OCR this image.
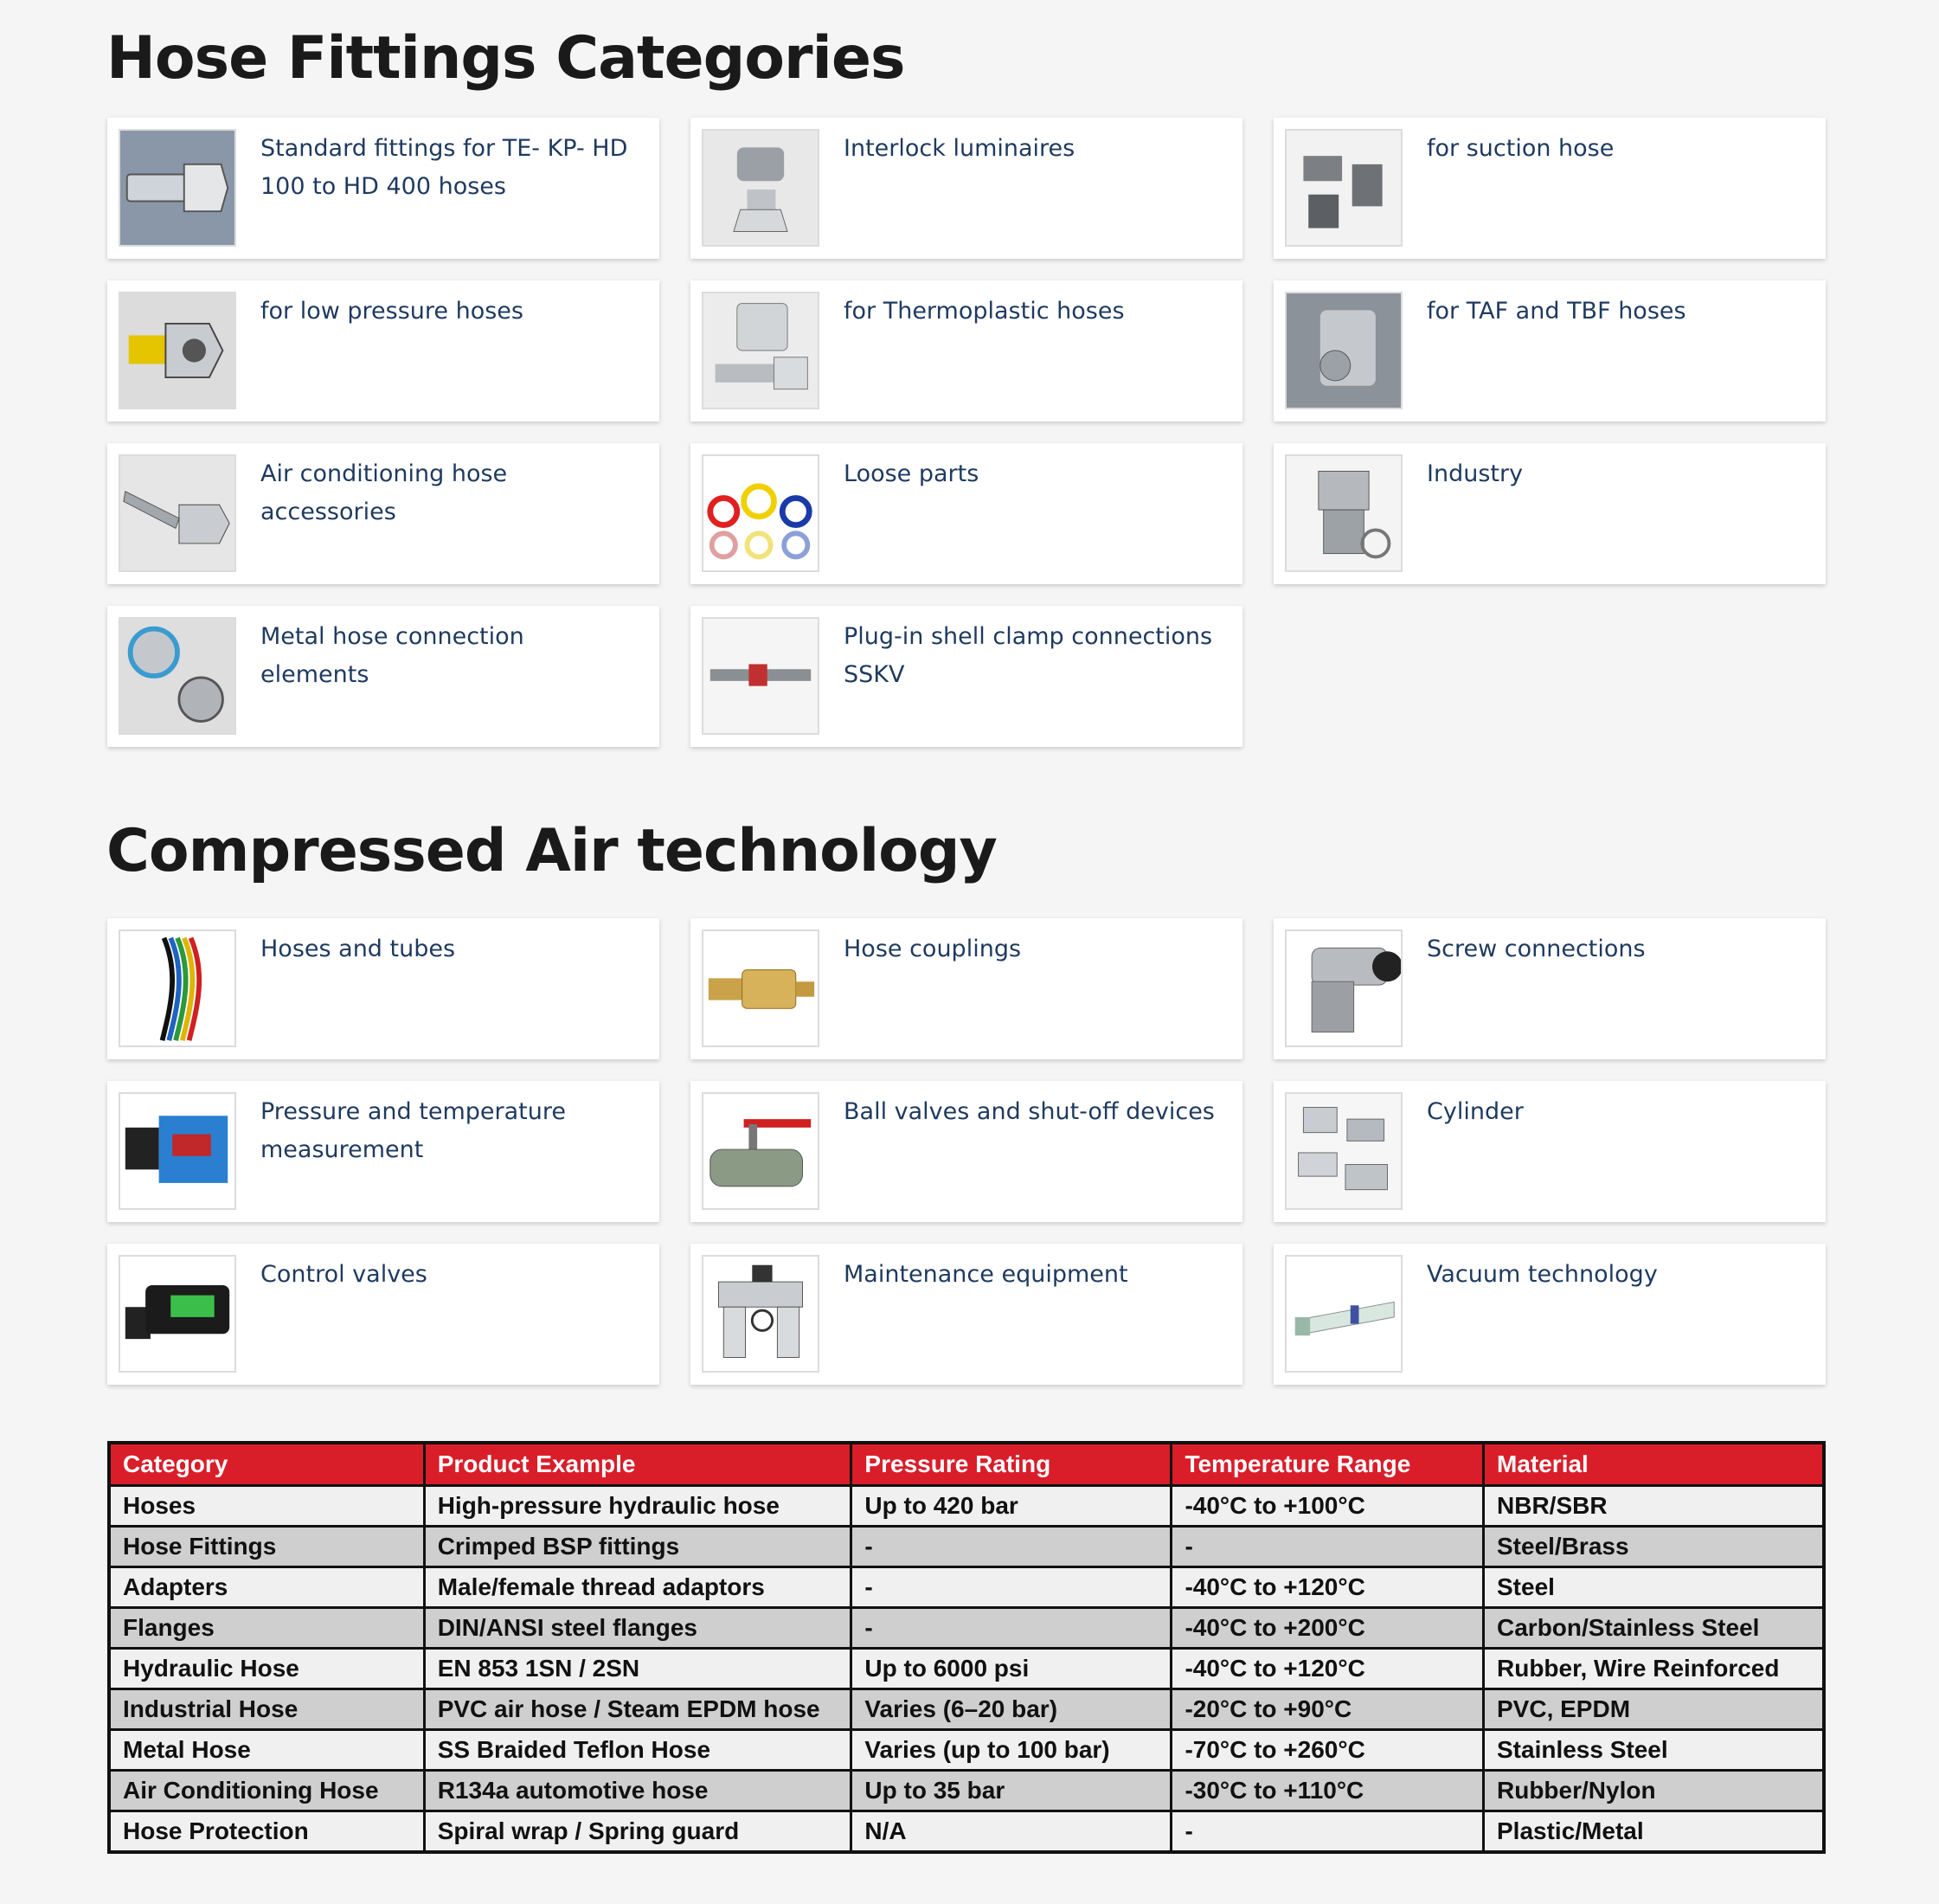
Hose Fittings Categories
Standard fittings for TE- KP- HD 100 to HD 400 hoses
Interlock luminaires	for suction hose
for low pressure hoses	for Thermoplastic hoses	for TAF and TBF hoses
Air conditioning hose accessories
Loose parts	Industry
Metal hose connection elements
Plug-in shell clamp connections SSKV
Compressed Air technology
Hoses and tubes	Hose couplings	Screw connections
Pressure and temperature measurement
Ball valves and shut-off devices	Cylinder
Control valves	Maintenance equipment	Vacuum technology
Category	Product Example	Pressure Rating	Temperature Range	Material
Hoses	High-pressure hydraulic hose	Up to 420 bar	-40°C to +100°C	NBR/SBR
Hose Fittings	Crimped BSP fittings	-	-	Steel/Brass
Adapters	Male/female thread adaptors	-	-40°C to +120°C	Steel
Flanges	DIN/ANSI steel flanges	-	-40°C to +200°C	Carbon/Stainless Steel
Hydraulic Hose	EN 853 1SN / 2SN	Up to 6000 psi	-40°C to +120°C	Rubber, Wire Reinforced
Industrial Hose	PVC air hose / Steam EPDM hose	Varies (6–20 bar)	-20°C to +90°C	PVC, EPDM
Metal Hose	SS Braided Teflon Hose	Varies (up to 100 bar)	-70°C to +260°C	Stainless Steel
Air Conditioning Hose	R134a automotive hose	Up to 35 bar	-30°C to +110°C	Rubber/Nylon
Hose Protection	Spiral wrap / Spring guard	N/A	-	Plastic/Metal
